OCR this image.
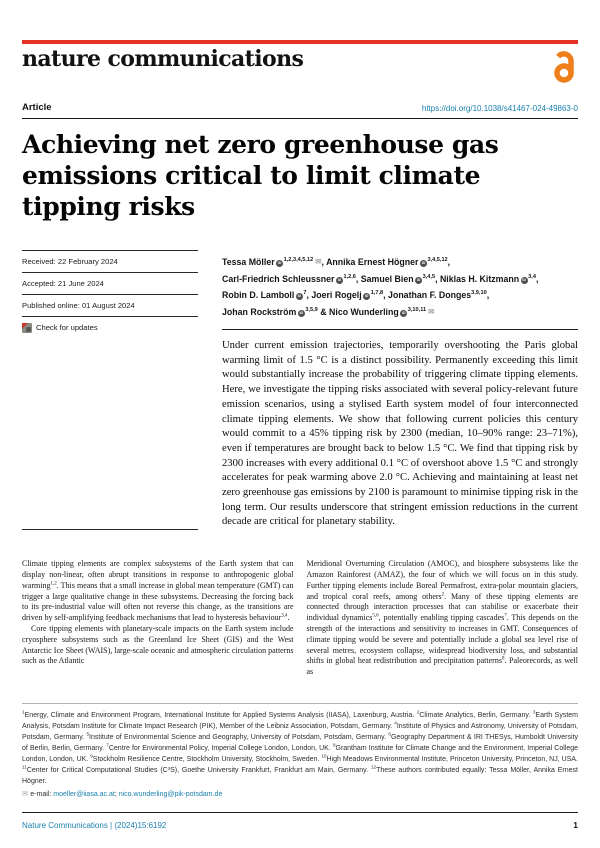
nature communications
Article	https://doi.org/10.1038/s41467-024-49863-0
Achieving net zero greenhouse gas emissions critical to limit climate tipping risks
Received: 22 February 2024
Accepted: 21 June 2024
Published online: 01 August 2024
Check for updates
Tessa Möller iD $^{1,2,3,4,5,12}$ ✉, Annika Ernest Högner iD $^{3,4,5,12}$,
Carl-Friedrich Schleussner iD $^{1,2,6}$, Samuel Bien iD $^{3,4,5}$, Niklas H. Kitzmann iD $^{3,4}$,
Robin D. Lamboll iD $^7$, Joeri Rogelj iD $^{1,7,8}$, Jonathan F. Donges$^{3,9,10}$,
Johan Rockström iD $^{3,5,9}$ & Nico Wunderling iD $^{3,10,11}$ ✉

Under current emission trajectories, temporarily overshooting the Paris global warming limit of 1.5 °C is a distinct possibility. Permanently exceeding this limit would substantially increase the probability of triggering climate tipping elements. Here, we investigate the tipping risks associated with several policy-relevant future emission scenarios, using a stylised Earth system model of four interconnected climate tipping elements. We show that following current policies this century would commit to a 45% tipping risk by 2300 (median, 10–90% range: 23–71%), even if temperatures are brought back to below 1.5 °C. We find that tipping risk by 2300 increases with every additional 0.1 °C of overshoot above 1.5 °C and strongly accelerates for peak warming above 2.0 °C. Achieving and maintaining at least net zero greenhouse gas emissions by 2100 is paramount to minimise tipping risk in the long term. Our results underscore that stringent emission reductions in the current decade are critical for planetary stability.

Climate tipping elements are complex subsystems of the Earth system that can display non-linear, often abrupt transitions in response to anthropogenic global warming$^{1,2}$. This means that a small increase in global mean temperature (GMT) can trigger a large qualitative change in these subsystems. Decreasing the forcing back to its pre-industrial value will often not reverse this change, as the transitions are driven by self-amplifying feedback mechanisms that lead to hysteresis behaviour$^{3,4}$.

Core tipping elements with planetary-scale impacts on the Earth system include cryosphere subsystems such as the Greenland Ice Sheet (GIS) and the West Antarctic Ice Sheet (WAIS), large-scale oceanic and atmospheric circulation patterns such as the Atlantic

Meridional Overturning Circulation (AMOC), and biosphere subsystems like the Amazon Rainforest (AMAZ), the four of which we will focus on in this study. Further tipping elements include Boreal Permafrost, extra-polar mountain glaciers, and tropical coral reefs, among others$^2$. Many of these tipping elements are connected through interaction processes that can stabilise or exacerbate their individual dynamics$^{5,6}$, potentially enabling tipping cascades$^7$. This depends on the strength of the interactions and sensitivity to increases in GMT. Consequences of climate tipping would be severe and potentially include a global sea level rise of several metres, ecosystem collapse, widespread biodiversity loss, and substantial shifts in global heat redistribution and precipitation patterns$^8$. Paleorecords, as well as

$^1$Energy, Climate and Environment Program, International Institute for Applied Systems Analysis (IIASA), Laxenburg, Austria. $^2$Climate Analytics, Berlin, Germany. $^3$Earth System Analysis, Potsdam Institute for Climate Impact Research (PIK), Member of the Leibniz Association, Potsdam, Germany. $^4$Institute of Physics and Astronomy, University of Potsdam, Potsdam, Germany. $^5$Institute of Environmental Science and Geography, University of Potsdam, Potsdam, Germany. $^6$Geography Department & IRI THESys, Humboldt University of Berlin, Berlin, Germany. $^7$Centre for Environmental Policy, Imperial College London, London, UK. $^8$Grantham Institute for Climate Change and the Environment, Imperial College London, London, UK. $^9$Stockholm Resilience Centre, Stockholm University, Stockholm, Sweden. $^{10}$High Meadows Environmental Institute, Princeton University, Princeton, NJ, USA. $^{11}$Center for Critical Computational Studies (C³S), Goethe University Frankfurt, Frankfurt am Main, Germany. $^{12}$These authors contributed equally: Tessa Möller, Annika Ernest Högner.

✉ e-mail: moeller@iiasa.ac.at; nico.wunderling@pik-potsdam.de

Nature Communications | (2024)15:6192	1
